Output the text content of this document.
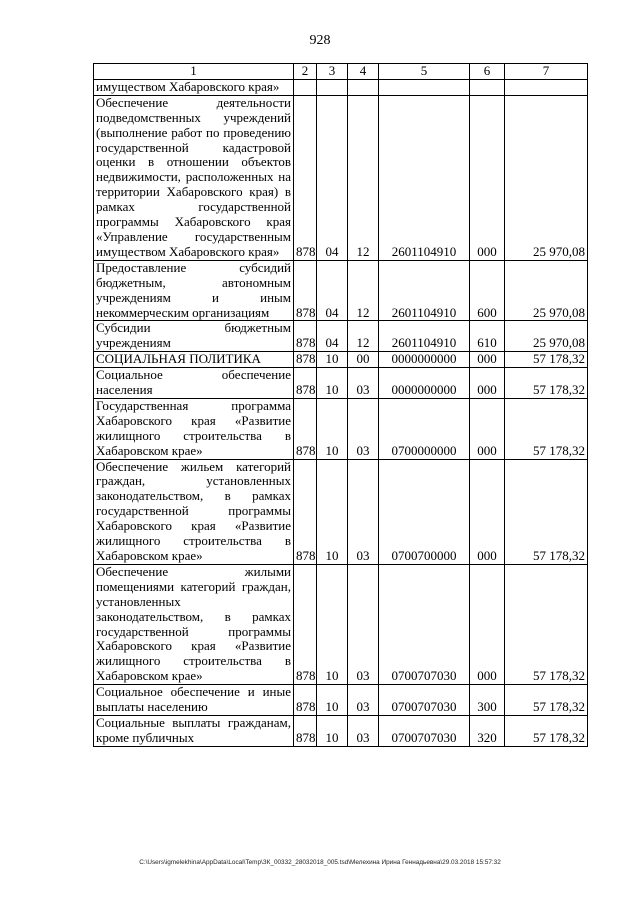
928
1	2	3	4	5	6	7
имуществом Хабаровского края»						
Обеспечение деятельности подведомственных учреждений (выполнение работ по проведению государственной кадастровой оценки в отношении объектов недвижимости, расположенных на территории Хабаровского края) в рамках государственной программы Хабаровского края «Управление государственным имуществом Хабаровского края»	878	04	12	2601104910	000	25 970,08
Предоставление субсидий бюджетным, автономным учреждениям и иным некоммерческим организациям	878	04	12	2601104910	600	25 970,08
Субсидии бюджетным учреждениям	878	04	12	2601104910	610	25 970,08
СОЦИАЛЬНАЯ ПОЛИТИКА	878	10	00	0000000000	000	57 178,32
Социальное обеспечение населения	878	10	03	0000000000	000	57 178,32
Государственная программа Хабаровского края «Развитие жилищного строительства в Хабаровском крае»	878	10	03	0700000000	000	57 178,32
Обеспечение жильем категорий граждан, установленных законодательством, в рамках государственной программы Хабаровского края «Развитие жилищного строительства в Хабаровском крае»	878	10	03	0700700000	000	57 178,32
Обеспечение жилыми помещениями категорий граждан, установленных законодательством, в рамках государственной программы Хабаровского края «Развитие жилищного строительства в Хабаровском крае»	878	10	03	0700707030	000	57 178,32
Социальное обеспечение и иные выплаты населению	878	10	03	0700707030	300	57 178,32
Социальные выплаты гражданам, кроме публичных	878	10	03	0700707030	320	57 178,32
C:\Users\igmelekhina\AppData\Local\Temp\ЗК_00332_28032018_005.tsd\Мелехина Ирина Геннадьевна\29.03.2018 15:57:32
